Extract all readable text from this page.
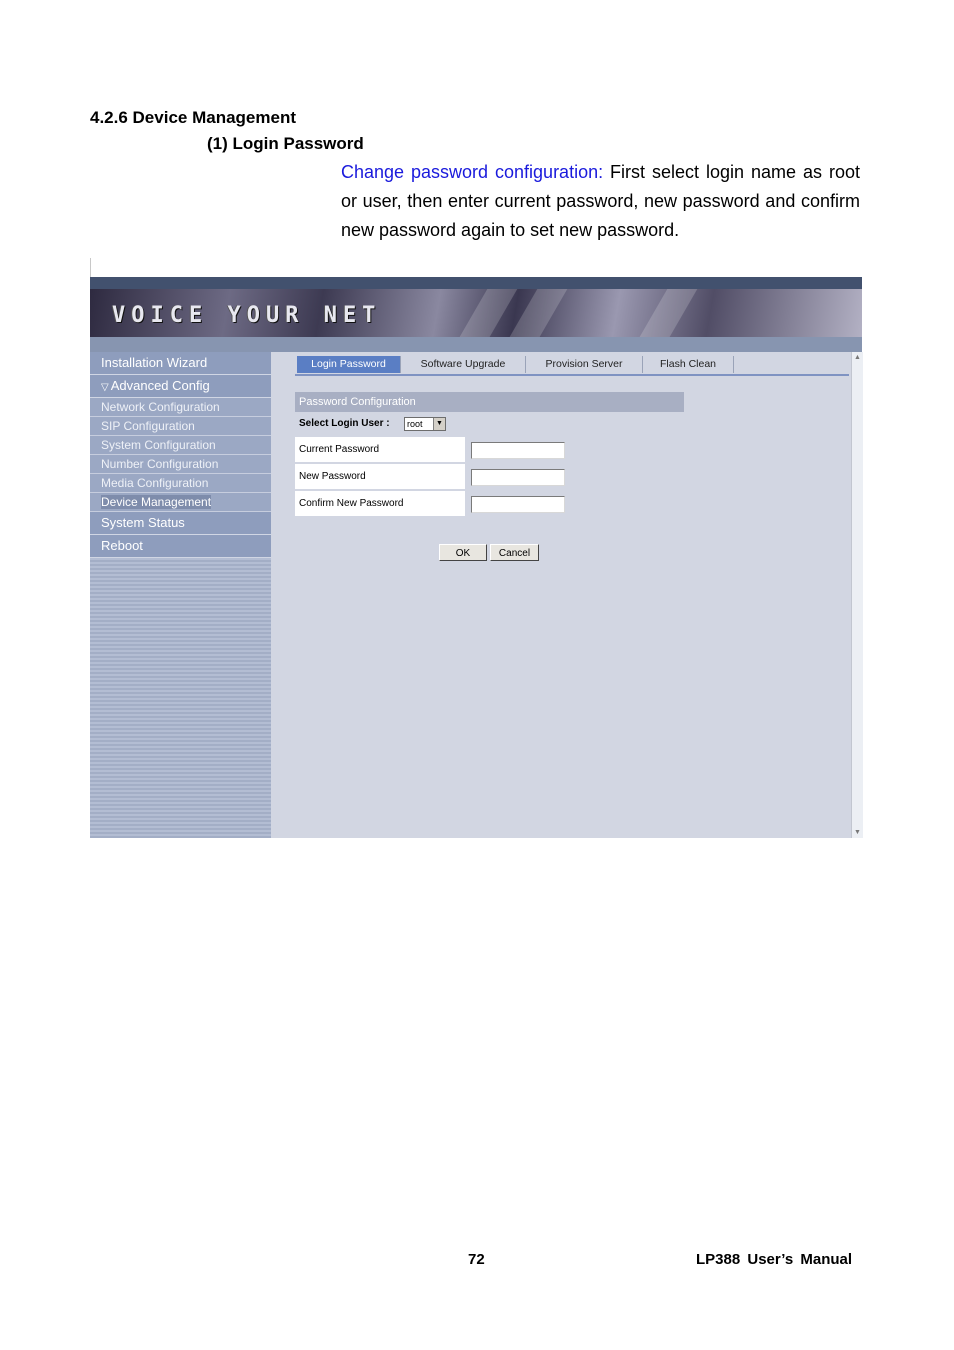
4.2.6 Device Management
(1) Login Password
Change password configuration: First select login name as root or user, then enter current password, new password and confirm new password again to set new password.
VOICE YOUR NET
Installation Wizard
▽ Advanced Config
Network Configuration
SIP Configuration
System Configuration
Number Configuration
Media Configuration
Device Management
System Status
Reboot
Login Password	Software Upgrade	Provision Server	Flash Clean
Password Configuration
Select Login User :	root	▼
Current Password
New Password
Confirm New Password
OK	Cancel
▲
▼
72	LP388 User’s Manual
